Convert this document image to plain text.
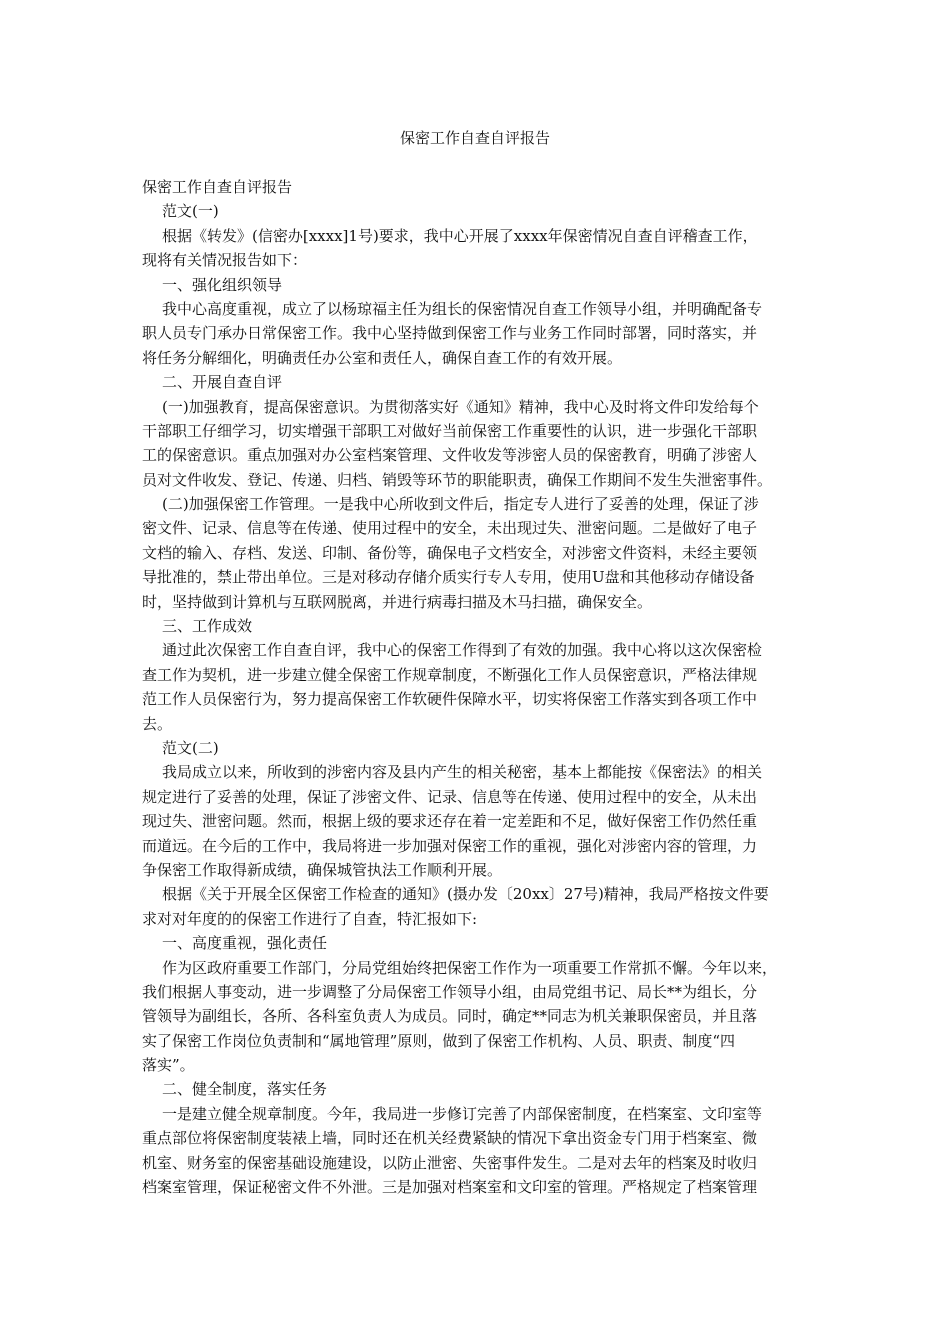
保密工作自查自评报告
保密工作自查自评报告
范文(一)
根据《转发》(信密办[xxxx]1号)要求，我中心开展了xxxx年保密情况自查自评稽查工作，
现将有关情况报告如下：
一、强化组织领导
我中心高度重视，成立了以杨琼福主任为组长的保密情况自查工作领导小组，并明确配备专
职人员专门承办日常保密工作。我中心坚持做到保密工作与业务工作同时部署，同时落实，并
将任务分解细化，明确责任办公室和责任人，确保自查工作的有效开展。
二、开展自查自评
(一)加强教育，提高保密意识。为贯彻落实好《通知》精神，我中心及时将文件印发给每个
干部职工仔细学习，切实增强干部职工对做好当前保密工作重要性的认识，进一步强化干部职
工的保密意识。重点加强对办公室档案管理、文件收发等涉密人员的保密教育，明确了涉密人
员对文件收发、登记、传递、归档、销毁等环节的职能职责，确保工作期间不发生失泄密事件。
(二)加强保密工作管理。一是我中心所收到文件后，指定专人进行了妥善的处理，保证了涉
密文件、记录、信息等在传递、使用过程中的安全，未出现过失、泄密问题。二是做好了电子
文档的输入、存档、发送、印制、备份等，确保电子文档安全，对涉密文件资料，未经主要领
导批准的，禁止带出单位。三是对移动存储介质实行专人专用，使用U盘和其他移动存储设备
时，坚持做到计算机与互联网脱离，并进行病毒扫描及木马扫描，确保安全。
三、工作成效
通过此次保密工作自查自评，我中心的保密工作得到了有效的加强。我中心将以这次保密检
查工作为契机，进一步建立健全保密工作规章制度，不断强化工作人员保密意识，严格法律规
范工作人员保密行为，努力提高保密工作软硬件保障水平，切实将保密工作落实到各项工作中
去。
范文(二)
我局成立以来，所收到的涉密内容及县内产生的相关秘密，基本上都能按《保密法》的相关
规定进行了妥善的处理，保证了涉密文件、记录、信息等在传递、使用过程中的安全，从未出
现过失、泄密问题。然而，根据上级的要求还存在着一定差距和不足，做好保密工作仍然任重
而道远。在今后的工作中，我局将进一步加强对保密工作的重视，强化对涉密内容的管理，力
争保密工作取得新成绩，确保城管执法工作顺利开展。
根据《关于开展全区保密工作检查的通知》(摄办发〔20xx〕27号)精神，我局严格按文件要
求对对年度的的保密工作进行了自查，特汇报如下:
一、高度重视，强化责任
作为区政府重要工作部门，分局党组始终把保密工作作为一项重要工作常抓不懈。今年以来，
我们根据人事变动，进一步调整了分局保密工作领导小组，由局党组书记、局长**为组长，分
管领导为副组长，各所、各科室负责人为成员。同时，确定**同志为机关兼职保密员，并且落
实了保密工作岗位负责制和“属地管理”原则，做到了保密工作机构、人员、职责、制度“四
落实”。
二、健全制度，落实任务
一是建立健全规章制度。今年，我局进一步修订完善了内部保密制度，在档案室、文印室等
重点部位将保密制度装裱上墙，同时还在机关经费紧缺的情况下拿出资金专门用于档案室、微
机室、财务室的保密基础设施建设，以防止泄密、失密事件发生。二是对去年的档案及时收归
档案室管理，保证秘密文件不外泄。三是加强对档案室和文印室的管理。严格规定了档案管理
